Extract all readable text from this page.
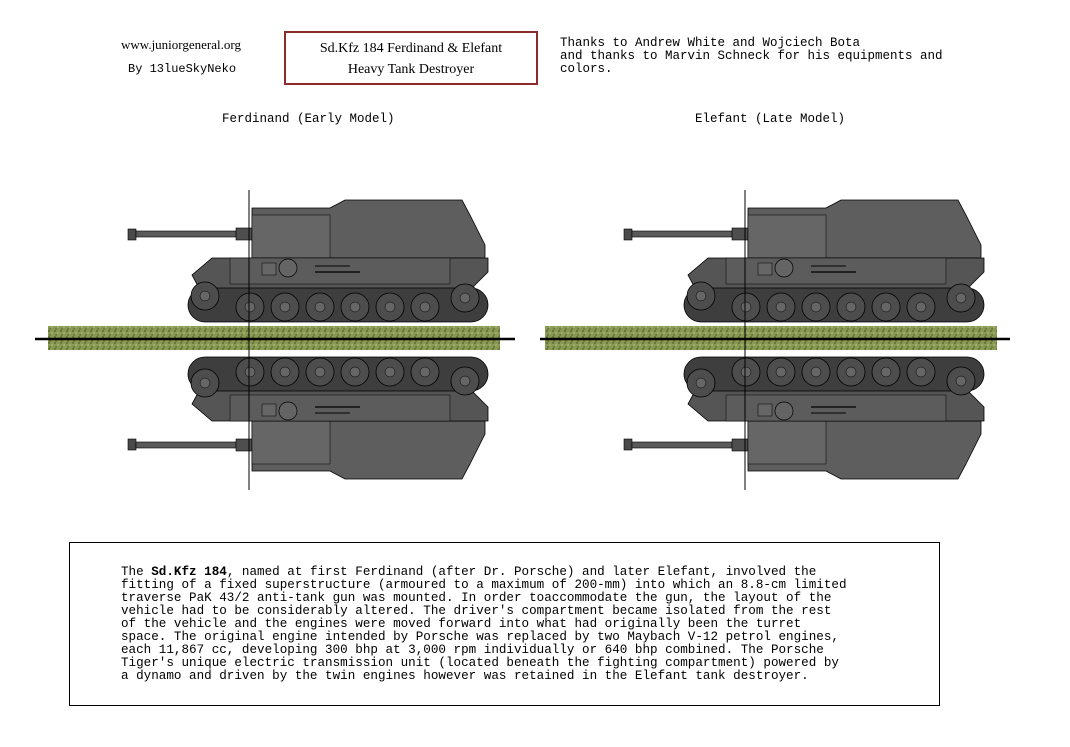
www.juniorgeneral.org
By 13lueSkyNeko
Sd.Kfz 184 Ferdinand & Elefant
Heavy Tank Destroyer
Thanks to Andrew White and Wojciech Bota
and thanks to Marvin Schneck for his equipments and
colors.
Ferdinand (Early Model)	Elefant (Late Model)
The Sd.Kfz 184, named at first Ferdinand (after Dr. Porsche) and later Elefant, involved the
fitting of a fixed superstructure (armoured to a maximum of 200-mm) into which an 8.8-cm limited
traverse PaK 43/2 anti-tank gun was mounted. In order toaccommodate the gun, the layout of the
vehicle had to be considerably altered. The driver's compartment became isolated from the rest
of the vehicle and the engines were moved forward into what had originally been the turret
space. The original engine intended by Porsche was replaced by two Maybach V-12 petrol engines,
each 11,867 cc, developing 300 bhp at 3,000 rpm individually or 640 bhp combined. The Porsche
Tiger's unique electric transmission unit (located beneath the fighting compartment) powered by
a dynamo and driven by the twin engines however was retained in the Elefant tank destroyer.
